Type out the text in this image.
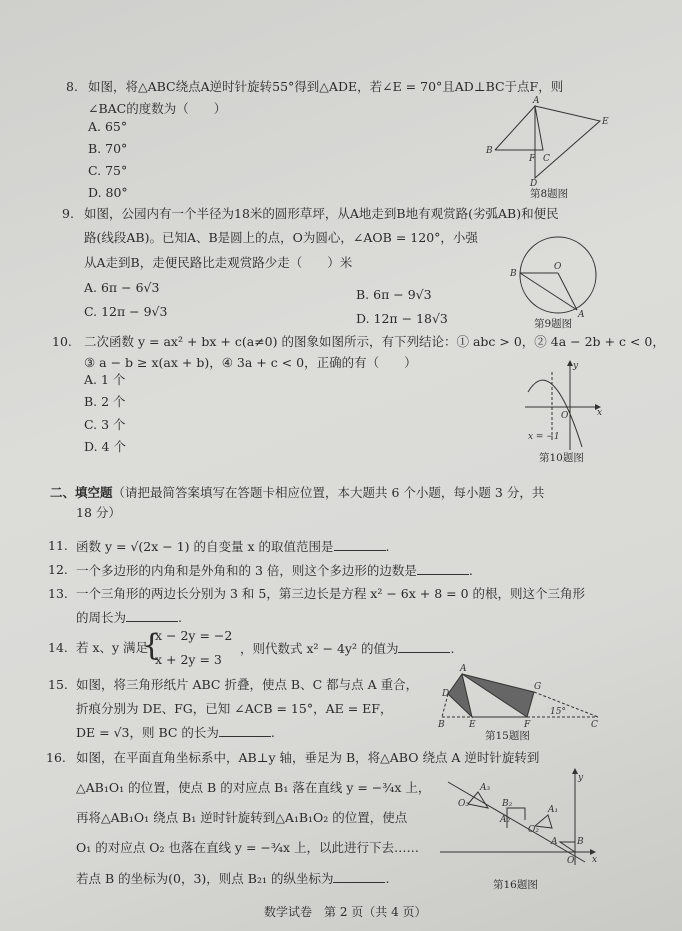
8. 如图，将△ABC绕点A逆时针旋转55°得到△ADE，若∠E = 70°且AD⊥BC于点F，则
∠BAC的度数为（　　）
A. 65°
B. 70°
C. 75°
D. 80°
B
A
E
F C
D
第8题图
9. 如图，公园内有一个半径为18米的圆形草坪，从A地走到B地有观赏路(劣弧AB)和便民
路(线段AB)。已知A、B是圆上的点，O为圆心，∠AOB = 120°，小强
从A走到B，走便民路比走观赏路少走（　　）米
A. 6π − 6√3	B. 6π − 9√3
C. 12π − 9√3	D. 12π − 18√3
B
O
A
第9题图
10. 二次函数 y = ax² + bx + c(a≠0) 的图象如图所示，有下列结论：① abc > 0，② 4a − 2b + c < 0，
③ a − b ≥ x(ax + b)，④ 3a + c < 0，正确的有（　　）
A. 1 个
B. 2 个
C. 3 个
D. 4 个
y
x
O
x = −1
第10题图
二、填空题（请把最简答案填写在答题卡相应位置，本大题共 6 个小题，每小题 3 分，共
18 分）
11. 函数 y = √(2x − 1) 的自变量 x 的取值范围是	.
12. 一个多边形的内角和是外角和的 3 倍，则这个多边形的边数是	.
13. 一个三角形的两边长分别为 3 和 5，第三边长是方程 x² − 6x + 8 = 0 的根，则这个三角形
的周长为	.
14. 若 x、y 满足
{
x − 2y = −2
x + 2y = 3
，则代数式 x² − 4y² 的值为	.
15. 如图，将三角形纸片 ABC 折叠，使点 B、C 都与点 A 重合，
折痕分别为 DE、FG，已知 ∠ACB = 15°，AE = EF，
DE = √3，则 BC 的长为	.
A
D
B	E	F
G
C
15°
第15题图
16. 如图，在平面直角坐标系中，AB⊥y 轴，垂足为 B，将△ABO 绕点 A 逆时针旋转到
△AB₁O₁ 的位置，使点 B 的对应点 B₁ 落在直线 y = −¾x 上，
再将△AB₁O₁ 绕点 B₁ 逆时针旋转到△A₁B₁O₂ 的位置，使点
O₁ 的对应点 O₂ 也落在直线 y = −¾x 上，以此进行下去……
若点 B 的坐标为(0，3)，则点 B₂₁ 的纵坐标为	.
y
x
O
B
A
B₂
A₂
A₁
O₂
A₃
O₃
第16题图
数学试卷　第 2 页（共 4 页）
